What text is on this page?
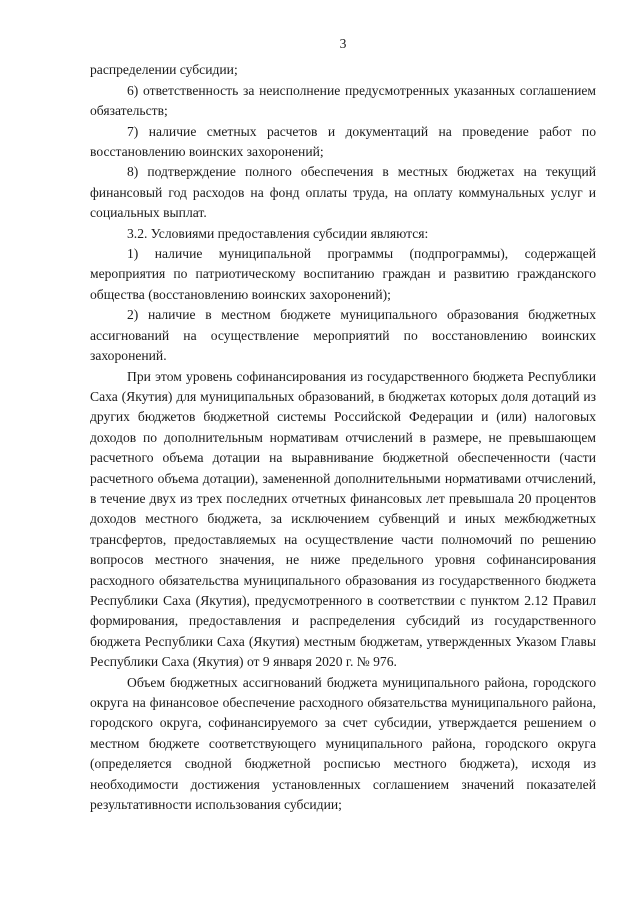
3

распределении субсидии;

6) ответственность за неисполнение предусмотренных указанных соглашением обязательств;

7) наличие сметных расчетов и документаций на проведение работ по восстановлению воинских захоронений;

8) подтверждение полного обеспечения в местных бюджетах на текущий финансовый год расходов на фонд оплаты труда, на оплату коммунальных услуг и социальных выплат.

3.2. Условиями предоставления субсидии являются:

1) наличие муниципальной программы (подпрограммы), содержащей мероприятия по патриотическому воспитанию граждан и развитию гражданского общества (восстановлению воинских захоронений);

2) наличие в местном бюджете муниципального образования бюджетных ассигнований на осуществление мероприятий по восстановлению воинских захоронений.

При этом уровень софинансирования из государственного бюджета Республики Саха (Якутия) для муниципальных образований, в бюджетах которых доля дотаций из других бюджетов бюджетной системы Российской Федерации и (или) налоговых доходов по дополнительным нормативам отчислений в размере, не превышающем расчетного объема дотации на выравнивание бюджетной обеспеченности (части расчетного объема дотации), замененной дополнительными нормативами отчислений, в течение двух из трех последних отчетных финансовых лет превышала 20 процентов доходов местного бюджета, за исключением субвенций и иных межбюджетных трансфертов, предоставляемых на осуществление части полномочий по решению вопросов местного значения, не ниже предельного уровня софинансирования расходного обязательства муниципального образования из государственного бюджета Республики Саха (Якутия), предусмотренного в соответствии с пунктом 2.12 Правил формирования, предоставления и распределения субсидий из государственного бюджета Республики Саха (Якутия) местным бюджетам, утвержденных Указом Главы Республики Саха (Якутия) от 9 января 2020 г. № 976.

Объем бюджетных ассигнований бюджета муниципального района, городского округа на финансовое обеспечение расходного обязательства муниципального района, городского округа, софинансируемого за счет субсидии, утверждается решением о местном бюджете соответствующего муниципального района, городского округа (определяется сводной бюджетной росписью местного бюджета), исходя из необходимости достижения установленных соглашением значений показателей результативности использования субсидии;
